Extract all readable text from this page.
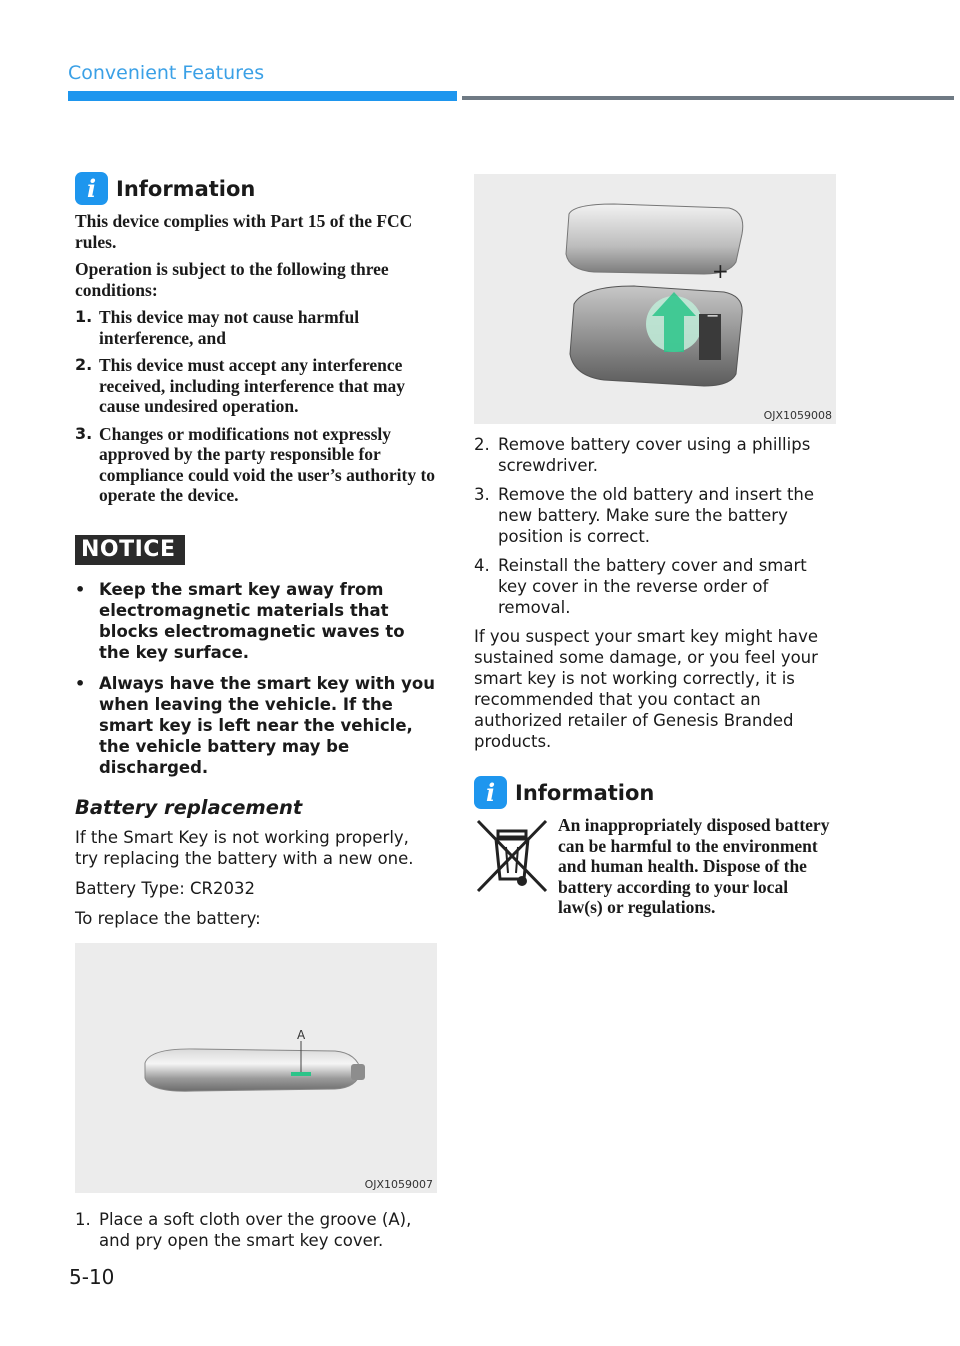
Convenient Features
i Information

This device complies with Part 15 of the FCC rules.

Operation is subject to the following three conditions:

1. This device may not cause harmful interference, and
2. This device must accept any interference received, including interference that may cause undesired operation.
3. Changes or modifications not expressly approved by the party responsible for compliance could void the user’s authority to operate the device.
NOTICE
• Keep the smart key away from electromagnetic materials that blocks electromagnetic waves to the key surface.
• Always have the smart key with you when leaving the vehicle. If the smart key is left near the vehicle, the vehicle battery may be discharged.
Battery replacement

If the Smart Key is not working properly, try replacing the battery with a new one.

Battery Type: CR2032

To replace the battery:

A
OJX1059007
1. Place a soft cloth over the groove (A), and pry open the smart key cover.
+
−
OJX1059008
2. Remove battery cover using a phillips screwdriver.
3. Remove the old battery and insert the new battery. Make sure the battery position is correct.
4. Reinstall the battery cover and smart key cover in the reverse order of removal.

If you suspect your smart key might have sustained some damage, or you feel your smart key is not working correctly, it is recommended that you contact an authorized retailer of Genesis Branded products.

i Information
An inappropriately disposed battery can be harmful to the environment and human health. Dispose of the battery according to your local law(s) or regulations.
5-10
